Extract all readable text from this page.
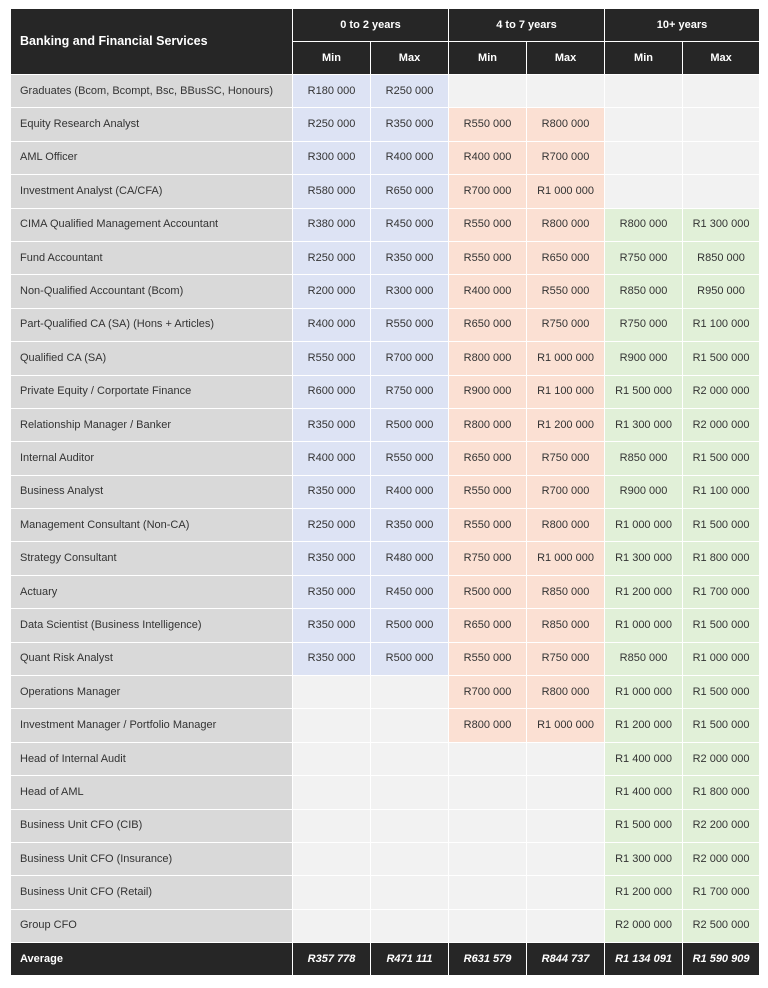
Banking and Financial Services	0 to 2 years		4 to 7 years		10+ years	
	Min	Max	Min	Max	Min	Max
Graduates (Bcom, Bcompt, Bsc, BBusSC, Honours)	R180 000	R250 000				
Equity Research Analyst	R250 000	R350 000	R550 000	R800 000		
AML Officer	R300 000	R400 000	R400 000	R700 000		
Investment Analyst (CA/CFA)	R580 000	R650 000	R700 000	R1 000 000		
CIMA Qualified Management Accountant	R380 000	R450 000	R550 000	R800 000	R800 000	R1 300 000
Fund Accountant	R250 000	R350 000	R550 000	R650 000	R750 000	R850 000
Non-Qualified Accountant (Bcom)	R200 000	R300 000	R400 000	R550 000	R850 000	R950 000
Part-Qualified CA (SA) (Hons + Articles)	R400 000	R550 000	R650 000	R750 000	R750 000	R1 100 000
Qualified CA (SA)	R550 000	R700 000	R800 000	R1 000 000	R900 000	R1 500 000
Private Equity / Corportate Finance	R600 000	R750 000	R900 000	R1 100 000	R1 500 000	R2 000 000
Relationship Manager / Banker	R350 000	R500 000	R800 000	R1 200 000	R1 300 000	R2 000 000
Internal Auditor	R400 000	R550 000	R650 000	R750 000	R850 000	R1 500 000
Business Analyst	R350 000	R400 000	R550 000	R700 000	R900 000	R1 100 000
Management Consultant (Non-CA)	R250 000	R350 000	R550 000	R800 000	R1 000 000	R1 500 000
Strategy Consultant	R350 000	R480 000	R750 000	R1 000 000	R1 300 000	R1 800 000
Actuary	R350 000	R450 000	R500 000	R850 000	R1 200 000	R1 700 000
Data Scientist (Business Intelligence)	R350 000	R500 000	R650 000	R850 000	R1 000 000	R1 500 000
Quant Risk Analyst	R350 000	R500 000	R550 000	R750 000	R850 000	R1 000 000
Operations Manager			R700 000	R800 000	R1 000 000	R1 500 000
Investment Manager / Portfolio Manager			R800 000	R1 000 000	R1 200 000	R1 500 000
Head of Internal Audit					R1 400 000	R2 000 000
Head of AML					R1 400 000	R1 800 000
Business Unit CFO (CIB)					R1 500 000	R2 200 000
Business Unit CFO (Insurance)					R1 300 000	R2 000 000
Business Unit CFO (Retail)					R1 200 000	R1 700 000
Group CFO					R2 000 000	R2 500 000
Average	R357 778	R471 111	R631 579	R844 737	R1 134 091	R1 590 909
